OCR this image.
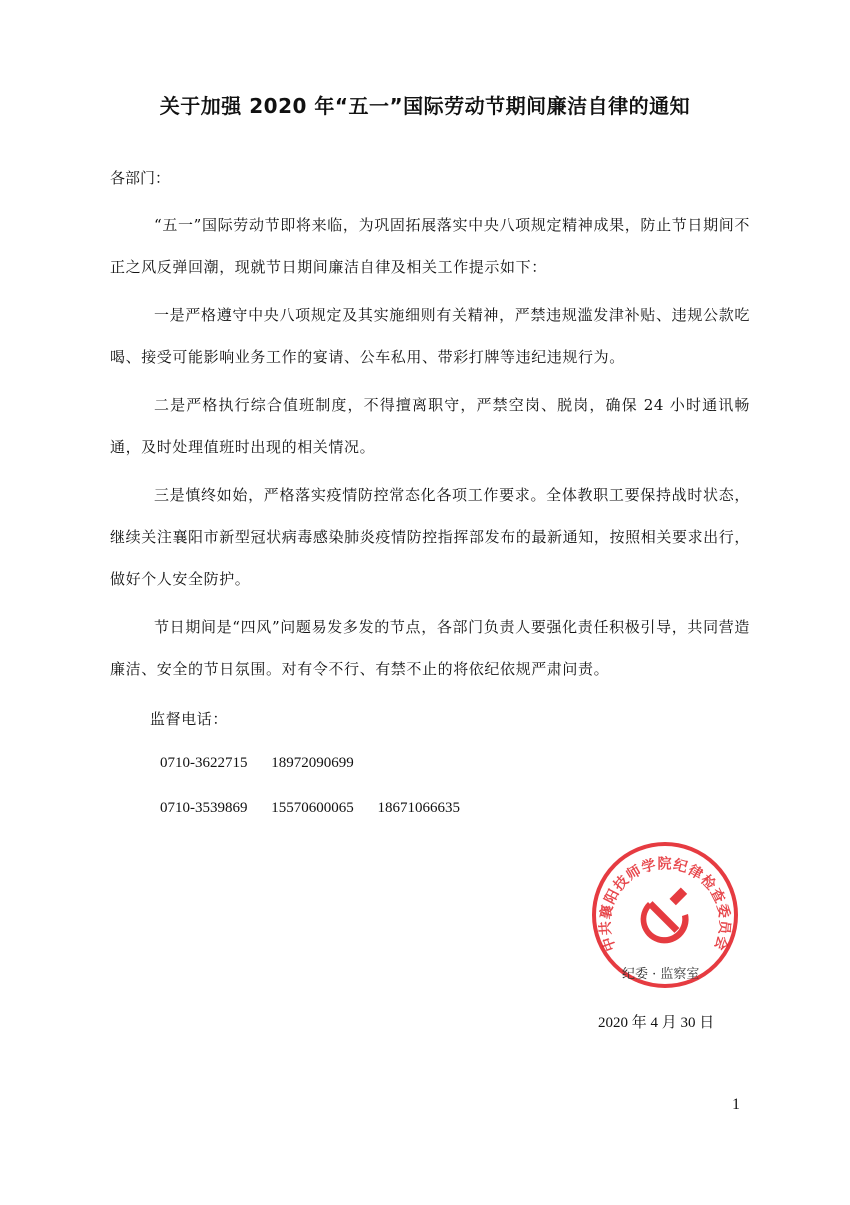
关于加强 2020 年“五一”国际劳动节期间廉洁自律的通知
各部门：

“五一”国际劳动节即将来临，为巩固拓展落实中央八项规定精神成果，防止节日期间不正之风反弹回潮，现就节日期间廉洁自律及相关工作提示如下：

一是严格遵守中央八项规定及其实施细则有关精神，严禁违规滥发津补贴、违规公款吃喝、接受可能影响业务工作的宴请、公车私用、带彩打牌等违纪违规行为。

二是严格执行综合值班制度，不得擅离职守，严禁空岗、脱岗，确保 24 小时通讯畅通，及时处理值班时出现的相关情况。

三是慎终如始，严格落实疫情防控常态化各项工作要求。全体教职工要保持战时状态，继续关注襄阳市新型冠状病毒感染肺炎疫情防控指挥部发布的最新通知，按照相关要求出行，做好个人安全防护。

节日期间是“四风”问题易发多发的节点，各部门负责人要强化责任积极引导，共同营造廉洁、安全的节日氛围。对有令不行、有禁不止的将依纪依规严肃问责。

监督电话：
0710-3622715 18972090699
0710-3539869 15570600065 18671066635
中共襄阳技师学院纪律检查委员会
纪委 · 监察室
2020 年 4 月 30 日
1
